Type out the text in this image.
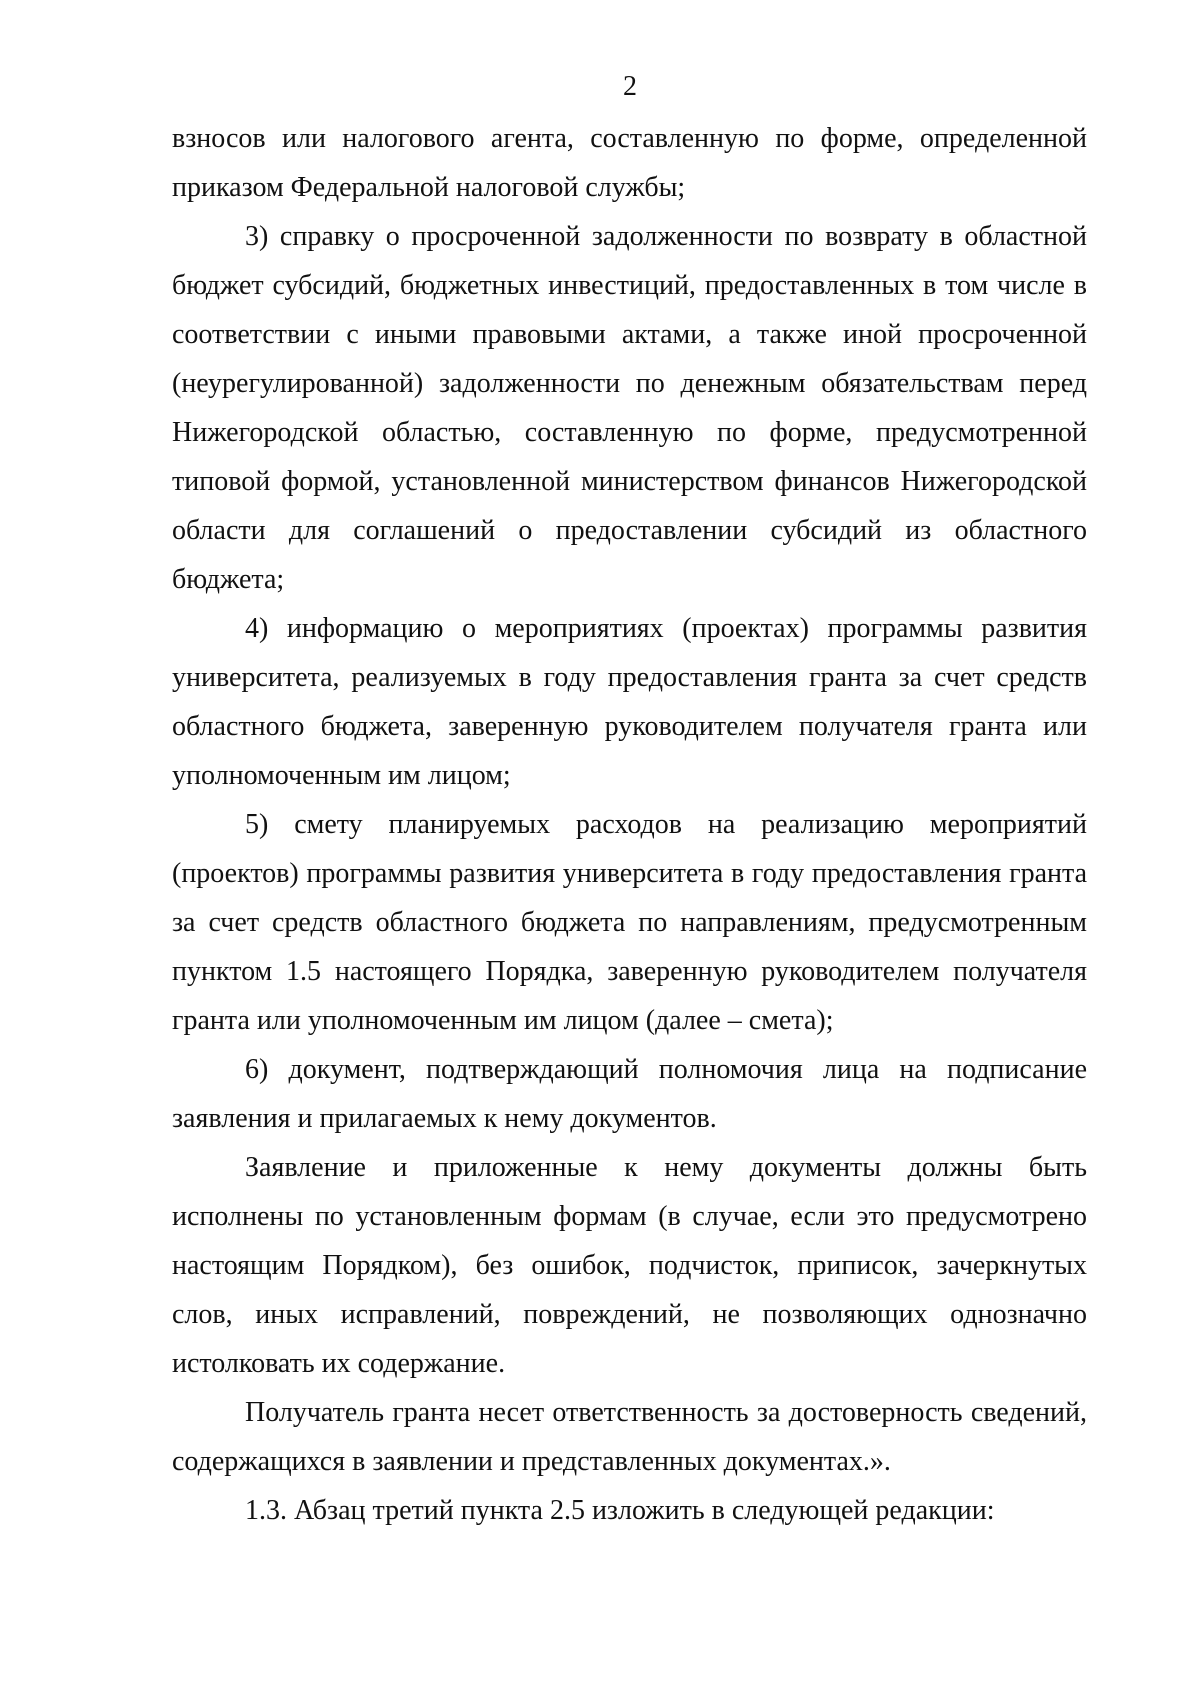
2

взносов или налогового агента, составленную по форме, определенной приказом Федеральной налоговой службы;

3) справку о просроченной задолженности по возврату в областной бюджет субсидий, бюджетных инвестиций, предоставленных в том числе в соответствии с иными правовыми актами, а также иной просроченной (неурегулированной) задолженности по денежным обязательствам перед Нижегородской областью, составленную по форме, предусмотренной типовой формой, установленной министерством финансов Нижегородской области для соглашений о предоставлении субсидий из областного бюджета;

4) информацию о мероприятиях (проектах) программы развития университета, реализуемых в году предоставления гранта за счет средств областного бюджета, заверенную руководителем получателя гранта или уполномоченным им лицом;

5) смету планируемых расходов на реализацию мероприятий (проектов) программы развития университета в году предоставления гранта за счет средств областного бюджета по направлениям, предусмотренным пунктом 1.5 настоящего Порядка, заверенную руководителем получателя гранта или уполномоченным им лицом (далее – смета);

6) документ, подтверждающий полномочия лица на подписание заявления и прилагаемых к нему документов.

Заявление и приложенные к нему документы должны быть исполнены по установленным формам (в случае, если это предусмотрено настоящим Порядком), без ошибок, подчисток, приписок, зачеркнутых слов, иных исправлений, повреждений, не позволяющих однозначно истолковать их содержание.

Получатель гранта несет ответственность за достоверность сведений, содержащихся в заявлении и представленных документах.».

1.3. Абзац третий пункта 2.5 изложить в следующей редакции:
